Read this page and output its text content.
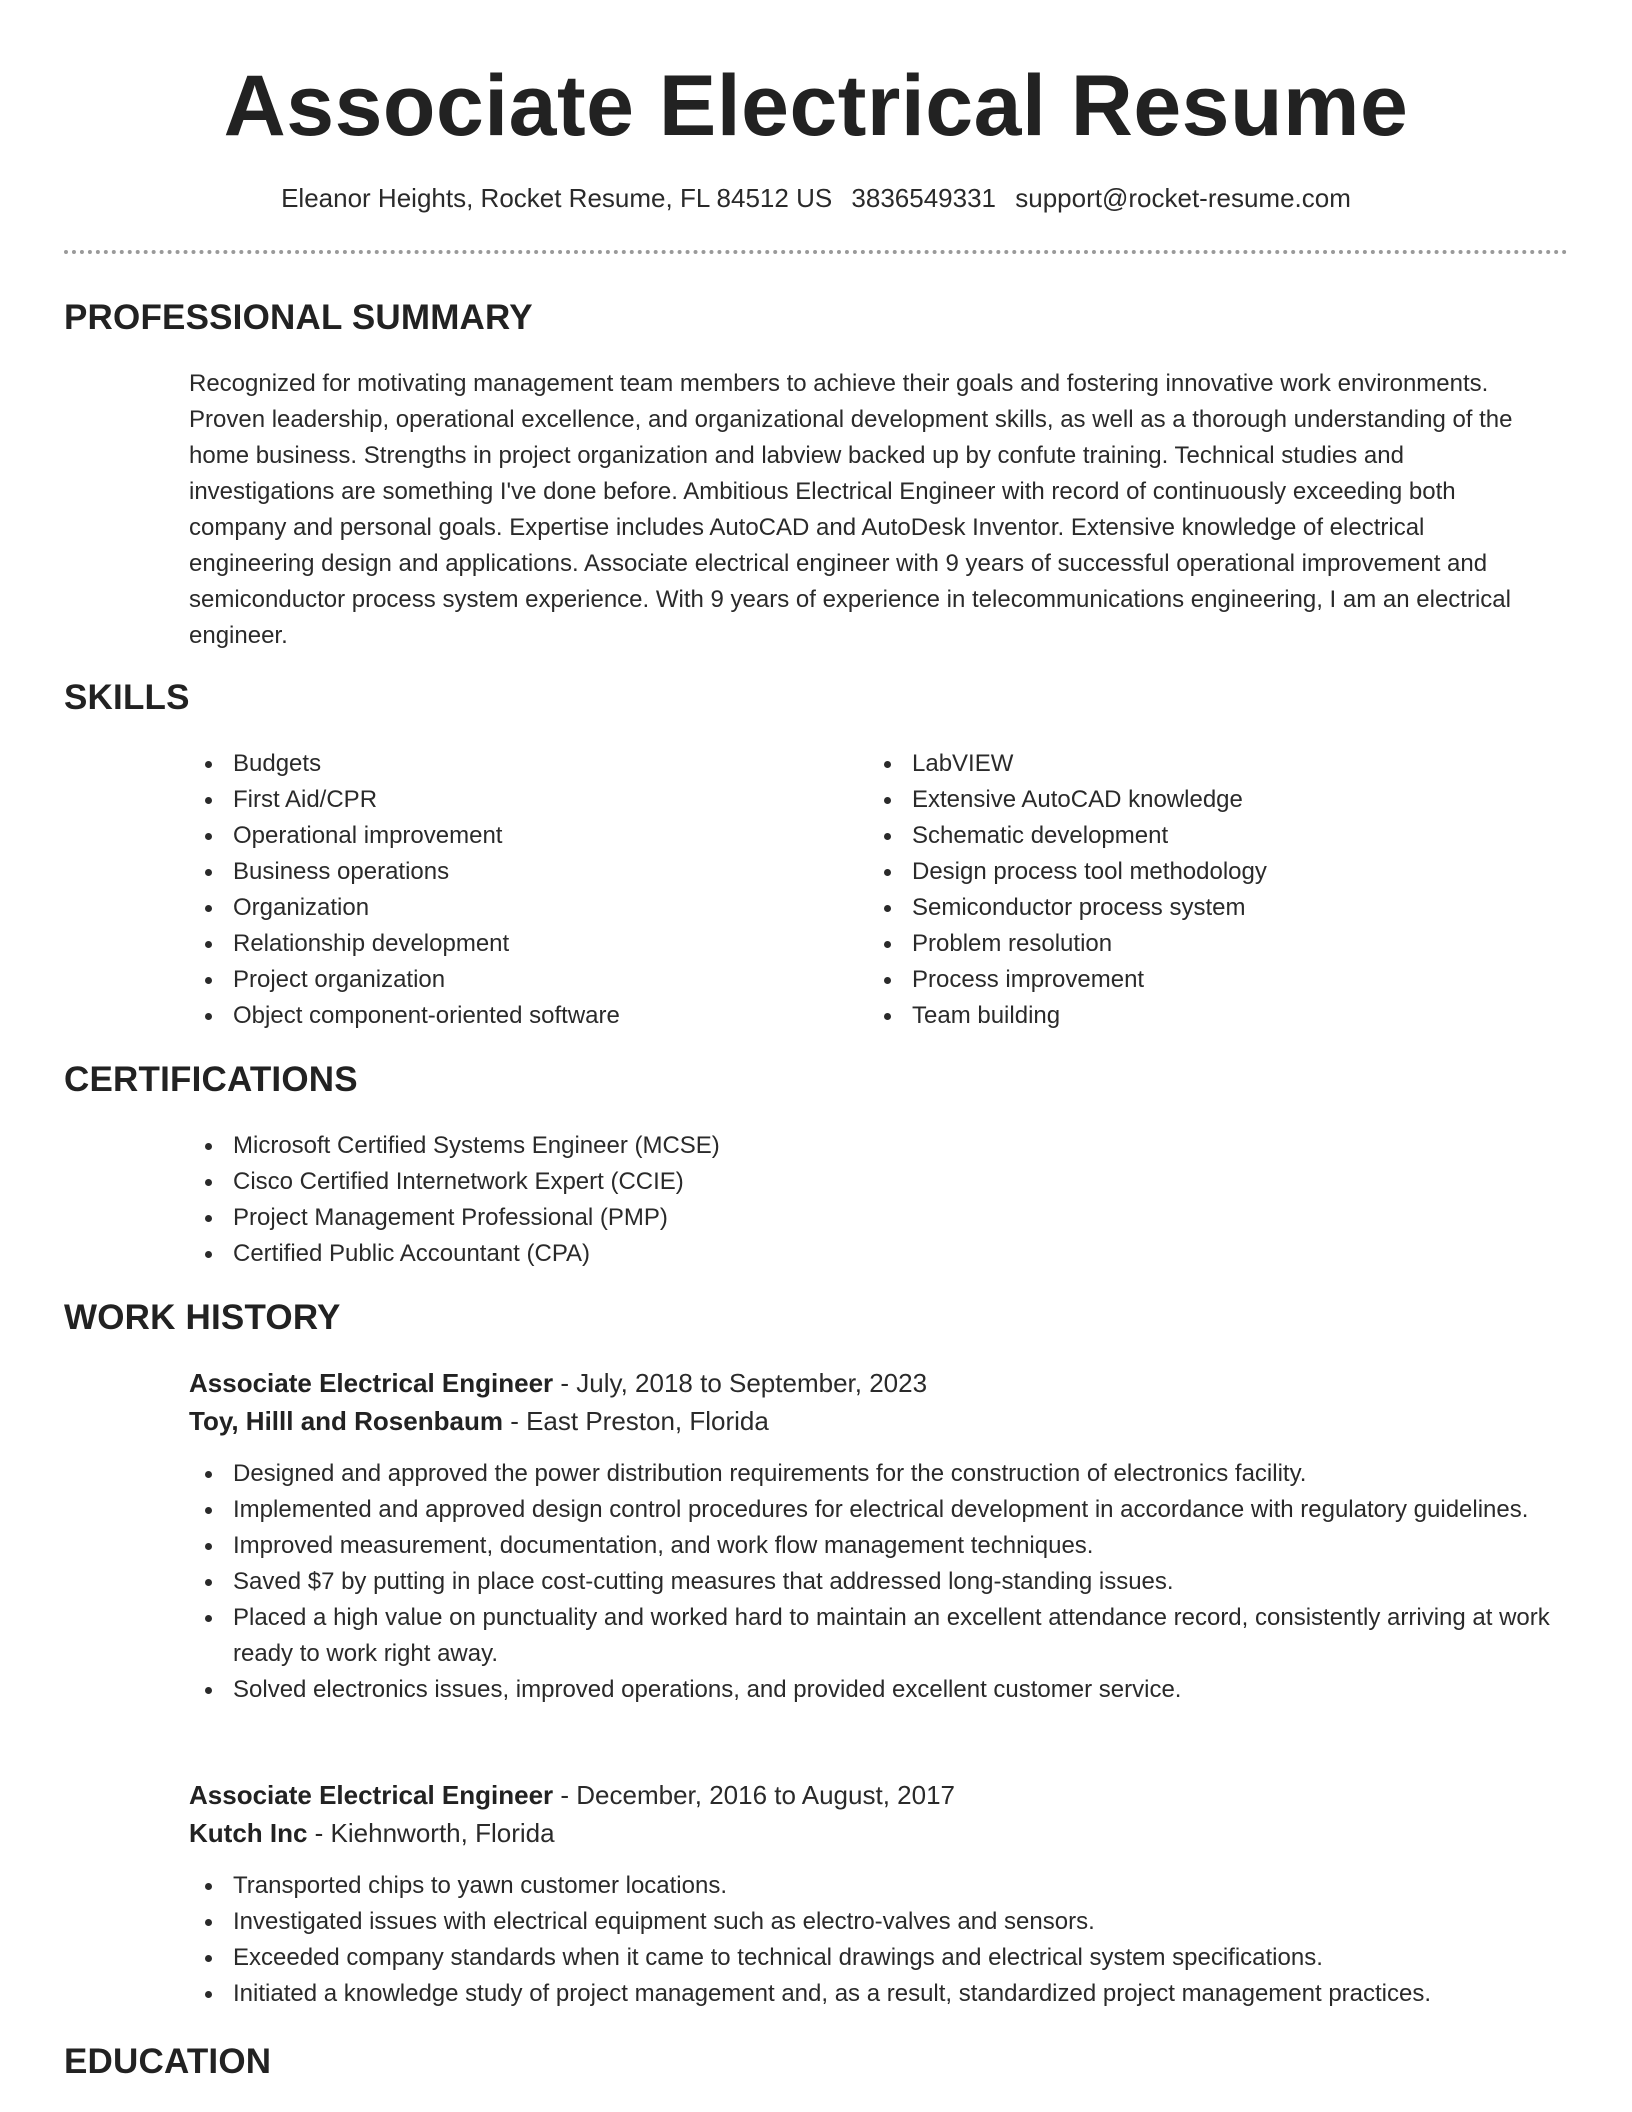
Associate Electrical Resume
Eleanor Heights, Rocket Resume, FL 84512 US 3836549331 support@rocket-resume.com
PROFESSIONAL SUMMARY
Recognized for motivating management team members to achieve their goals and fostering innovative work environments.
Proven leadership, operational excellence, and organizational development skills, as well as a thorough understanding of the
home business. Strengths in project organization and labview backed up by confute training. Technical studies and
investigations are something I've done before. Ambitious Electrical Engineer with record of continuously exceeding both
company and personal goals. Expertise includes AutoCAD and AutoDesk Inventor. Extensive knowledge of electrical
engineering design and applications. Associate electrical engineer with 9 years of successful operational improvement and
semiconductor process system experience. With 9 years of experience in telecommunications engineering, I am an electrical
engineer.
SKILLS
Budgets
First Aid/CPR
Operational improvement
Business operations
Organization
Relationship development
Project organization
Object component-oriented software
LabVIEW
Extensive AutoCAD knowledge
Schematic development
Design process tool methodology
Semiconductor process system
Problem resolution
Process improvement
Team building
CERTIFICATIONS
Microsoft Certified Systems Engineer (MCSE)
Cisco Certified Internetwork Expert (CCIE)
Project Management Professional (PMP)
Certified Public Accountant (CPA)
WORK HISTORY
Associate Electrical Engineer - July, 2018 to September, 2023
Toy, Hilll and Rosenbaum - East Preston, Florida
Designed and approved the power distribution requirements for the construction of electronics facility.
Implemented and approved design control procedures for electrical development in accordance with regulatory guidelines.
Improved measurement, documentation, and work flow management techniques.
Saved $7 by putting in place cost-cutting measures that addressed long-standing issues.
Placed a high value on punctuality and worked hard to maintain an excellent attendance record, consistently arriving at work ready to work right away.
Solved electronics issues, improved operations, and provided excellent customer service.
Associate Electrical Engineer - December, 2016 to August, 2017
Kutch Inc - Kiehnworth, Florida
Transported chips to yawn customer locations.
Investigated issues with electrical equipment such as electro-valves and sensors.
Exceeded company standards when it came to technical drawings and electrical system specifications.
Initiated a knowledge study of project management and, as a result, standardized project management practices.
EDUCATION
